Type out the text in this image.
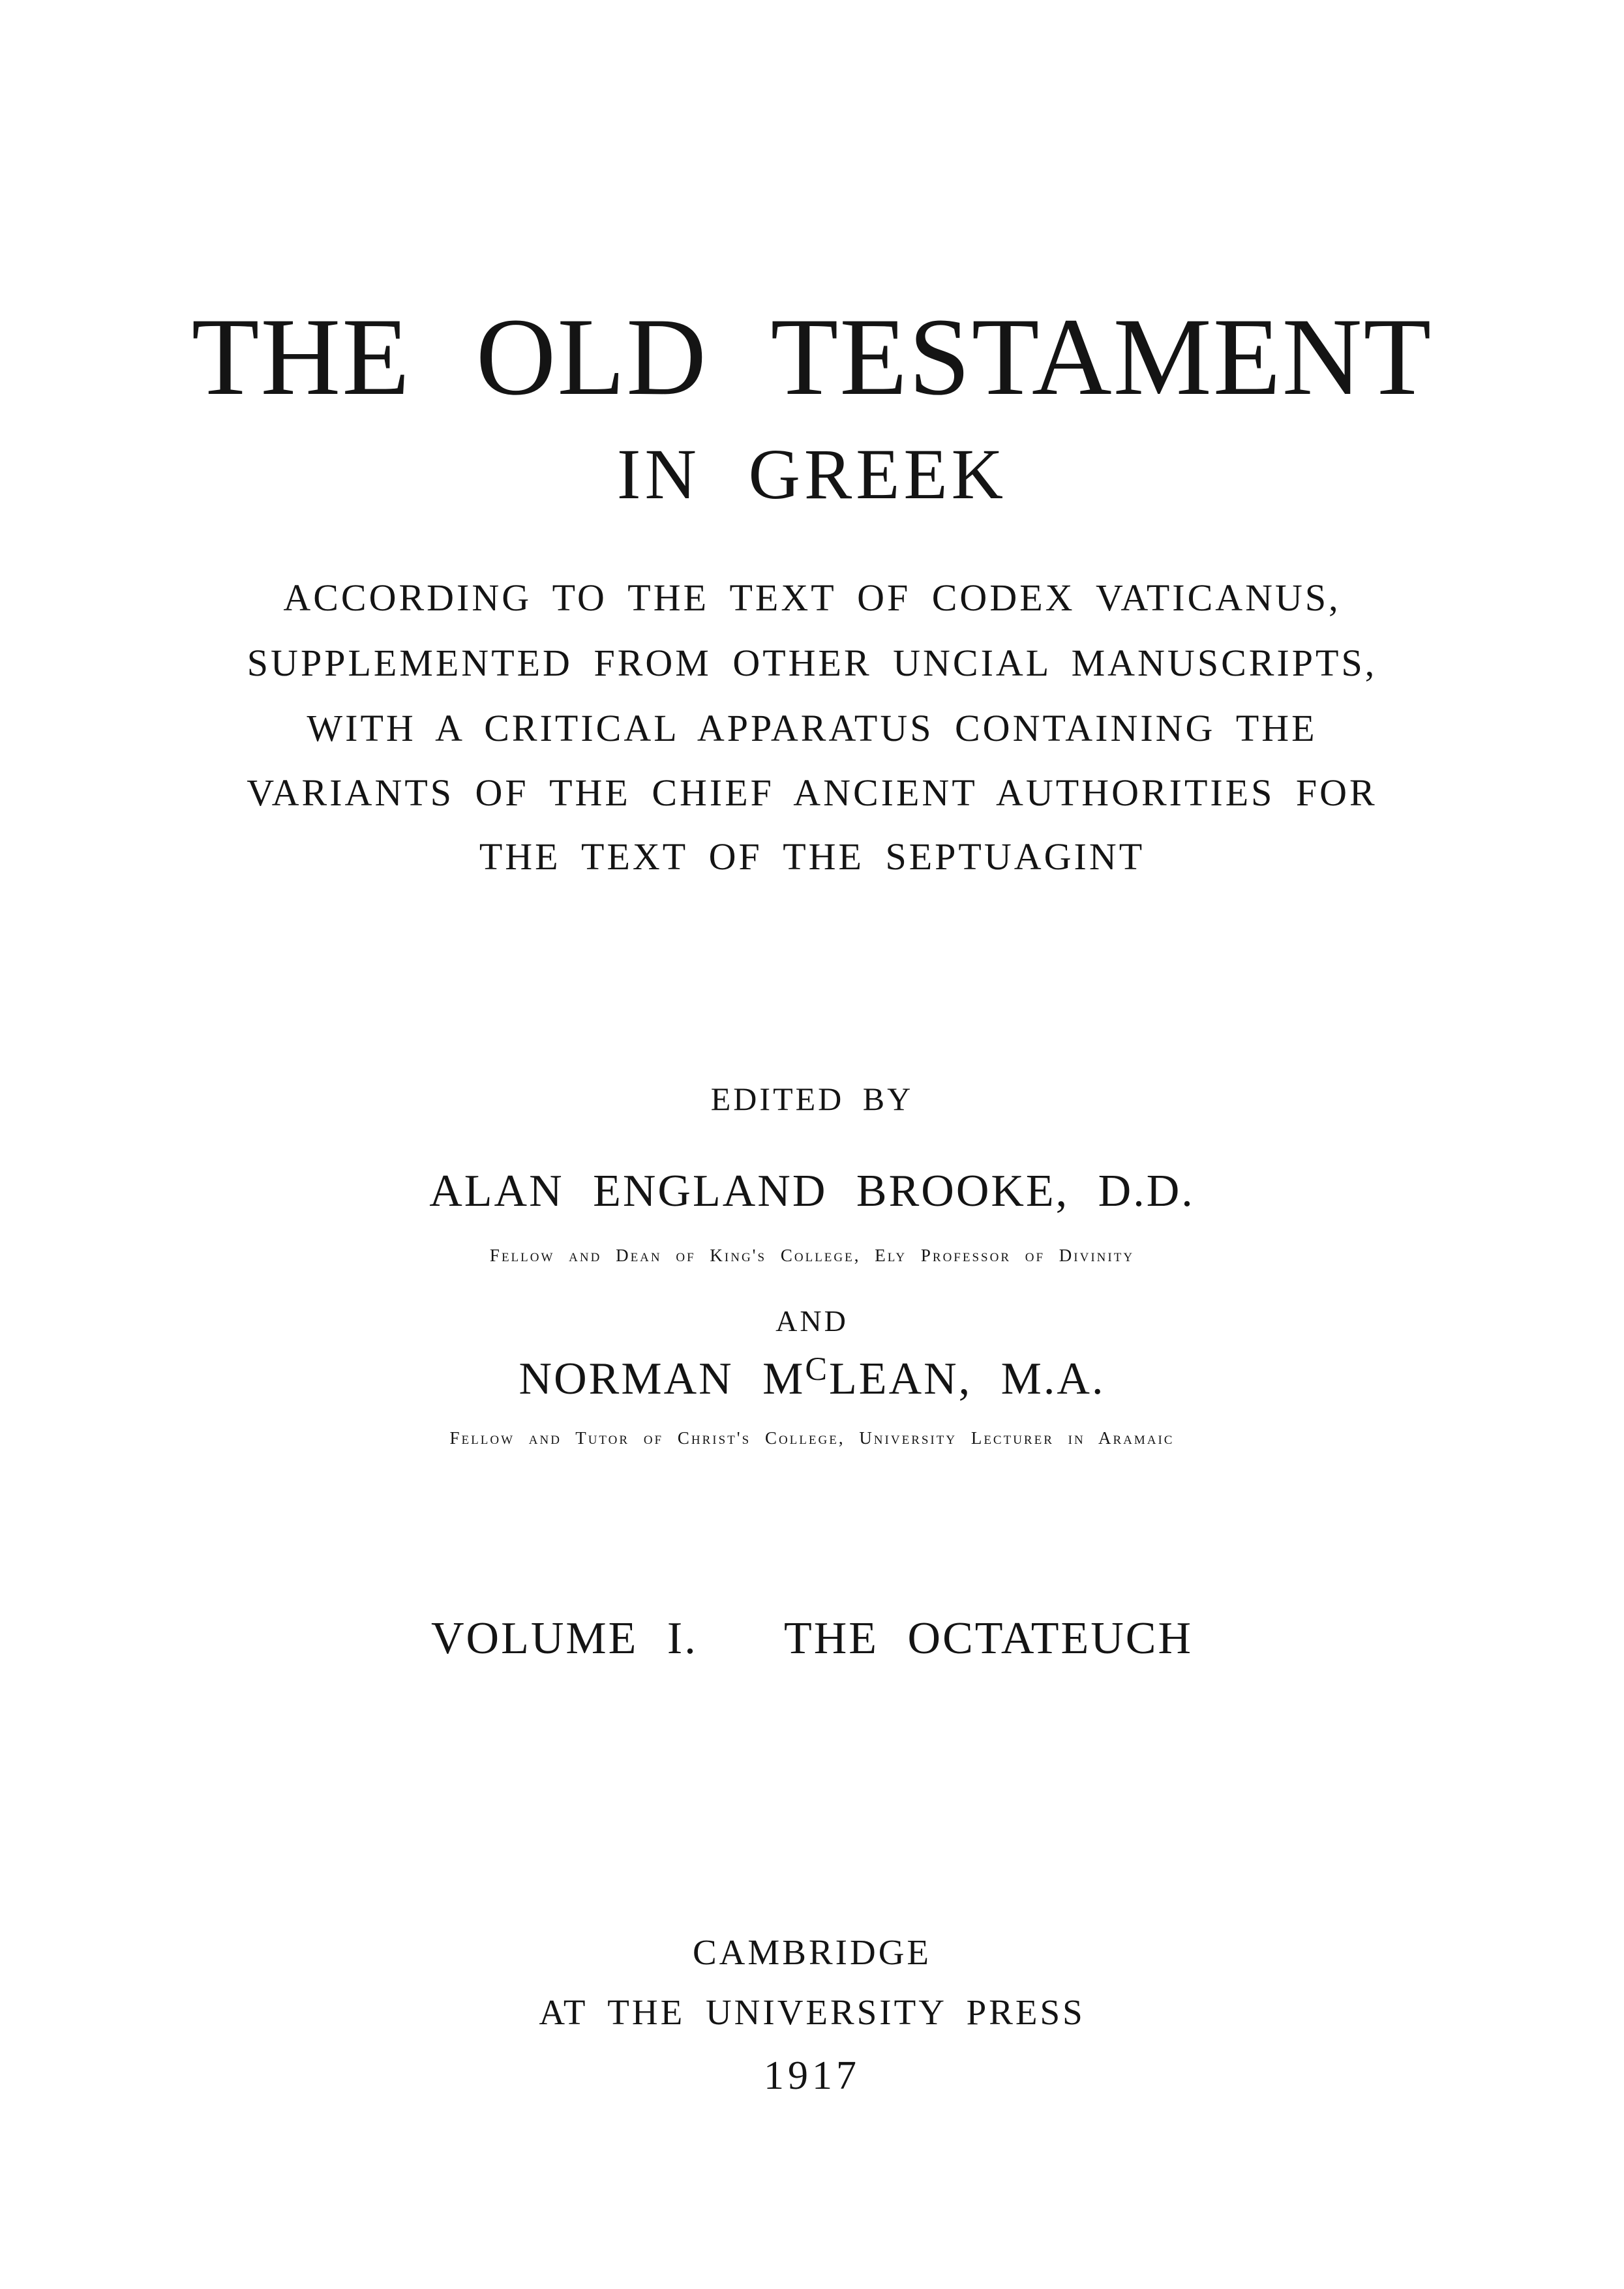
THE OLD TESTAMENT
IN GREEK
ACCORDING TO THE TEXT OF CODEX VATICANUS,
SUPPLEMENTED FROM OTHER UNCIAL MANUSCRIPTS,
WITH A CRITICAL APPARATUS CONTAINING THE
VARIANTS OF THE CHIEF ANCIENT AUTHORITIES FOR
THE TEXT OF THE SEPTUAGINT
EDITED BY
ALAN ENGLAND BROOKE, D.D.
Fellow and Dean of King's College, Ely Professor of Divinity
AND
NORMAN $M^CLEAN$, M.A.
Fellow and Tutor of Christ's College, University Lecturer in Aramaic
VOLUME I.   THE OCTATEUCH
CAMBRIDGE
AT THE UNIVERSITY PRESS
1917
